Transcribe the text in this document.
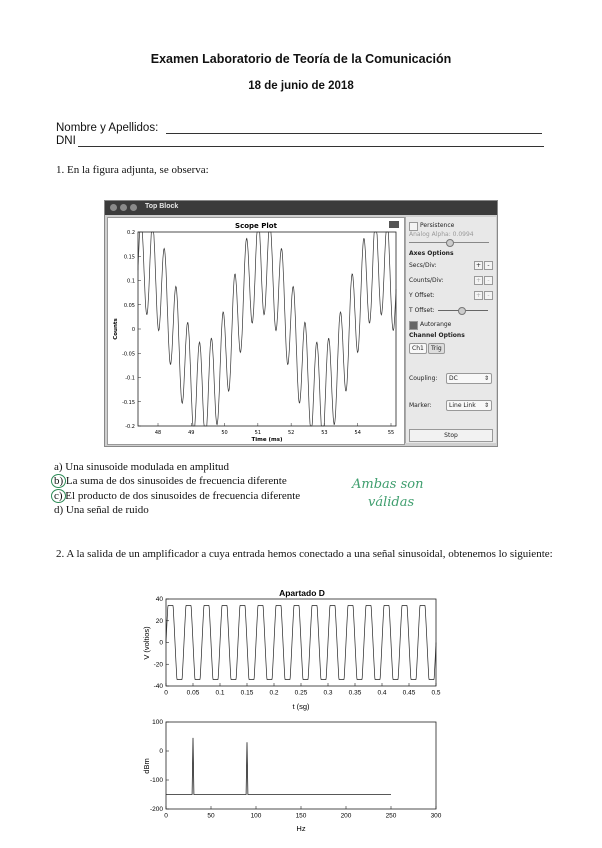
Examen Laboratorio de Teoría de la Comunicación
18 de junio de 2018
Nombre y Apellidos:
DNI
1. En la figura adjunta, se observa:
Top Block
Scope Plot
0.2
0.15
0.1
0.05
0
-0.05
-0.1
-0.15
-0.2
48	49	50	51	52	53	54	55
Time (ms)
Counts
Persistence
Analog Alpha: 0.0994
Axes Options
Secs/Div:	+	-
Counts/Div:	+	-
Y Offset:	+	-
T Offset:
Autorange
Channel Options
Ch1	Trig
Coupling:	DC	⇕
Marker:	Line Link ⇕
Stop
a) Una sinusoide modulada en amplitud
b) La suma de dos sinusoides de frecuencia diferente
c) El producto de dos sinusoides de frecuencia diferente
d) Una señal de ruido
Ambas son
válidas
2. A la salida de un amplificador a cuya entrada hemos conectado a una señal sinusoidal, obtenemos lo siguiente:
Apartado D
40
20
0
-20
-40
0	0.05 0.1 0.15 0.2 0.25 0.3 0.35 0.4 0.45 0.5
t (sg)
V (voltios)
100
0
-100
-200
0	50	100	150	200	250	300
Hz
dBm
